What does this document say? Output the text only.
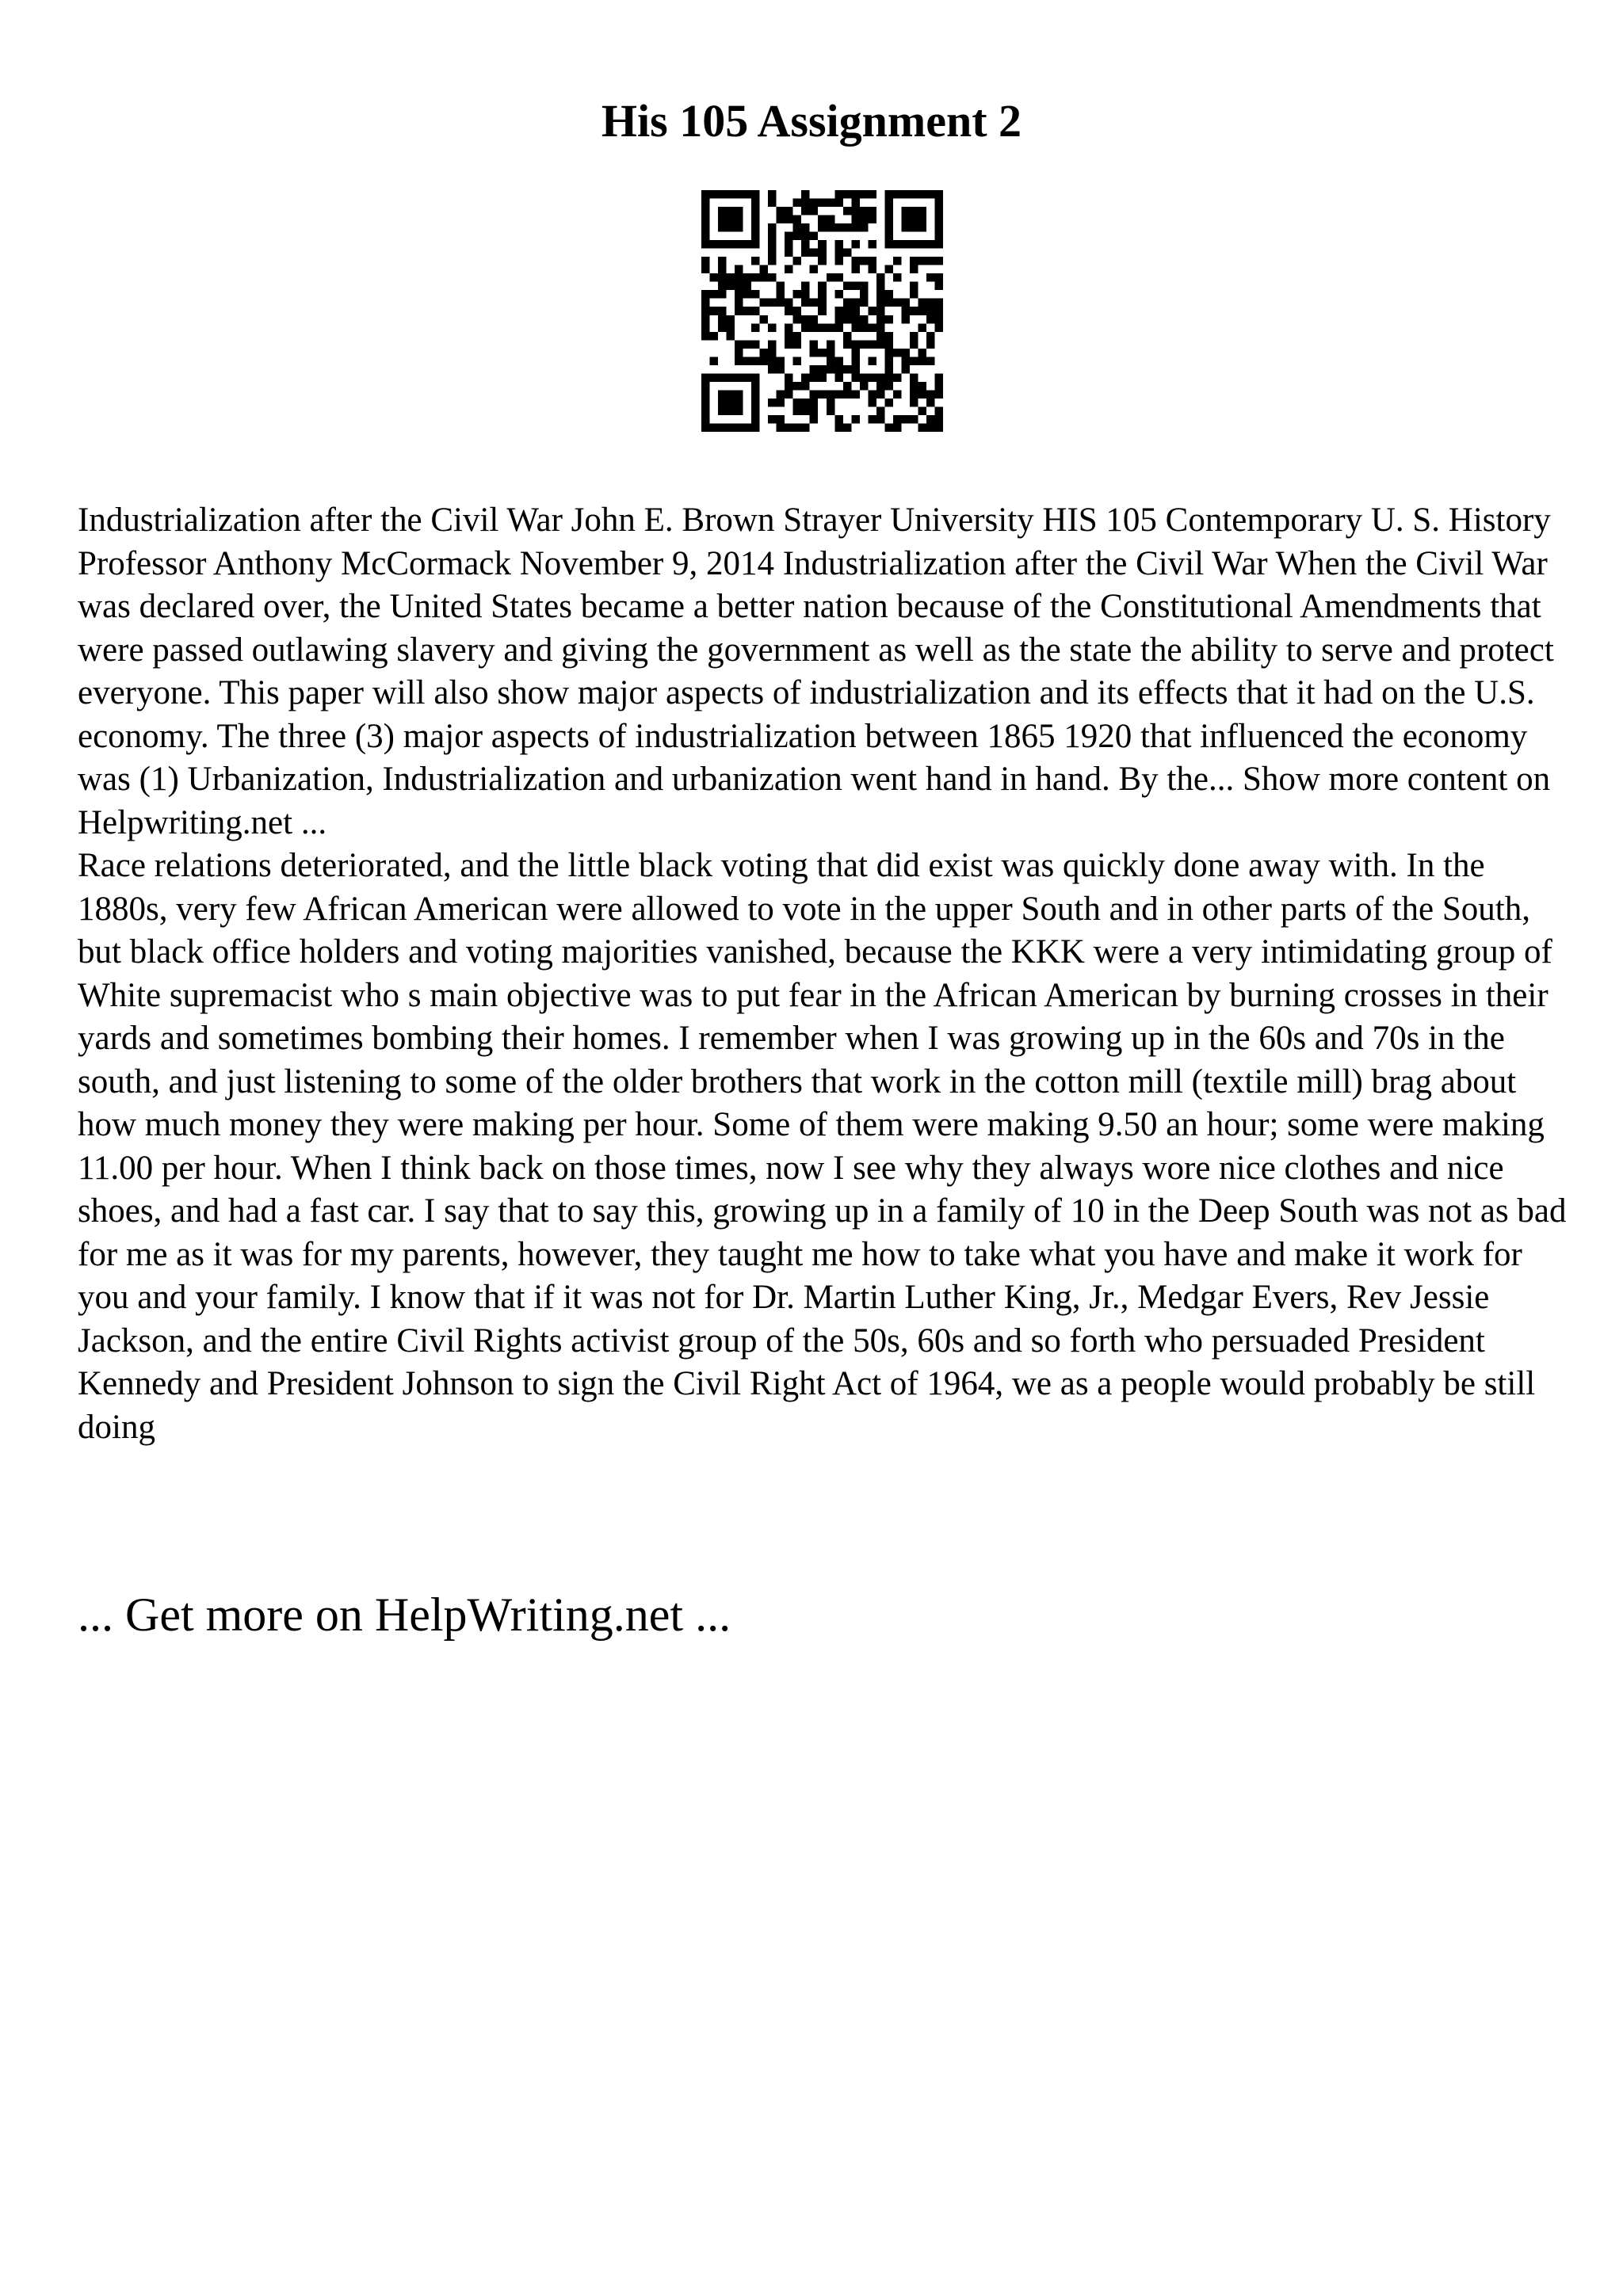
His 105 Assignment 2

Industrialization after the Civil War John E. Brown Strayer University HIS 105 Contemporary U. S. History Professor Anthony McCormack November 9, 2014 Industrialization after the Civil War When the Civil War was declared over, the United States became a better nation because of the Constitutional Amendments that were passed outlawing slavery and giving the government as well as the state the ability to serve and protect everyone. This paper will also show major aspects of industrialization and its effects that it had on the U.S. economy. The three (3) major aspects of industrialization between 1865 1920 that influenced the economy was (1) Urbanization, Industrialization and urbanization went hand in hand. By the... Show more content on Helpwriting.net ...

Race relations deteriorated, and the little black voting that did exist was quickly done away with. In the 1880s, very few African American were allowed to vote in the upper South and in other parts of the South, but black office holders and voting majorities vanished, because the KKK were a very intimidating group of White supremacist who s main objective was to put fear in the African American by burning crosses in their yards and sometimes bombing their homes. I remember when I was growing up in the 60s and 70s in the south, and just listening to some of the older brothers that work in the cotton mill (textile mill) brag about how much money they were making per hour. Some of them were making 9.50 an hour; some were making 11.00 per hour. When I think back on those times, now I see why they always wore nice clothes and nice shoes, and had a fast car. I say that to say this, growing up in a family of 10 in the Deep South was not as bad for me as it was for my parents, however, they taught me how to take what you have and make it work for you and your family. I know that if it was not for Dr. Martin Luther King, Jr., Medgar Evers, Rev Jessie Jackson, and the entire Civil Rights activist group of the 50s, 60s and so forth who persuaded President Kennedy and President Johnson to sign the Civil Right Act of 1964, we as a people would probably be still doing

... Get more on HelpWriting.net ...
